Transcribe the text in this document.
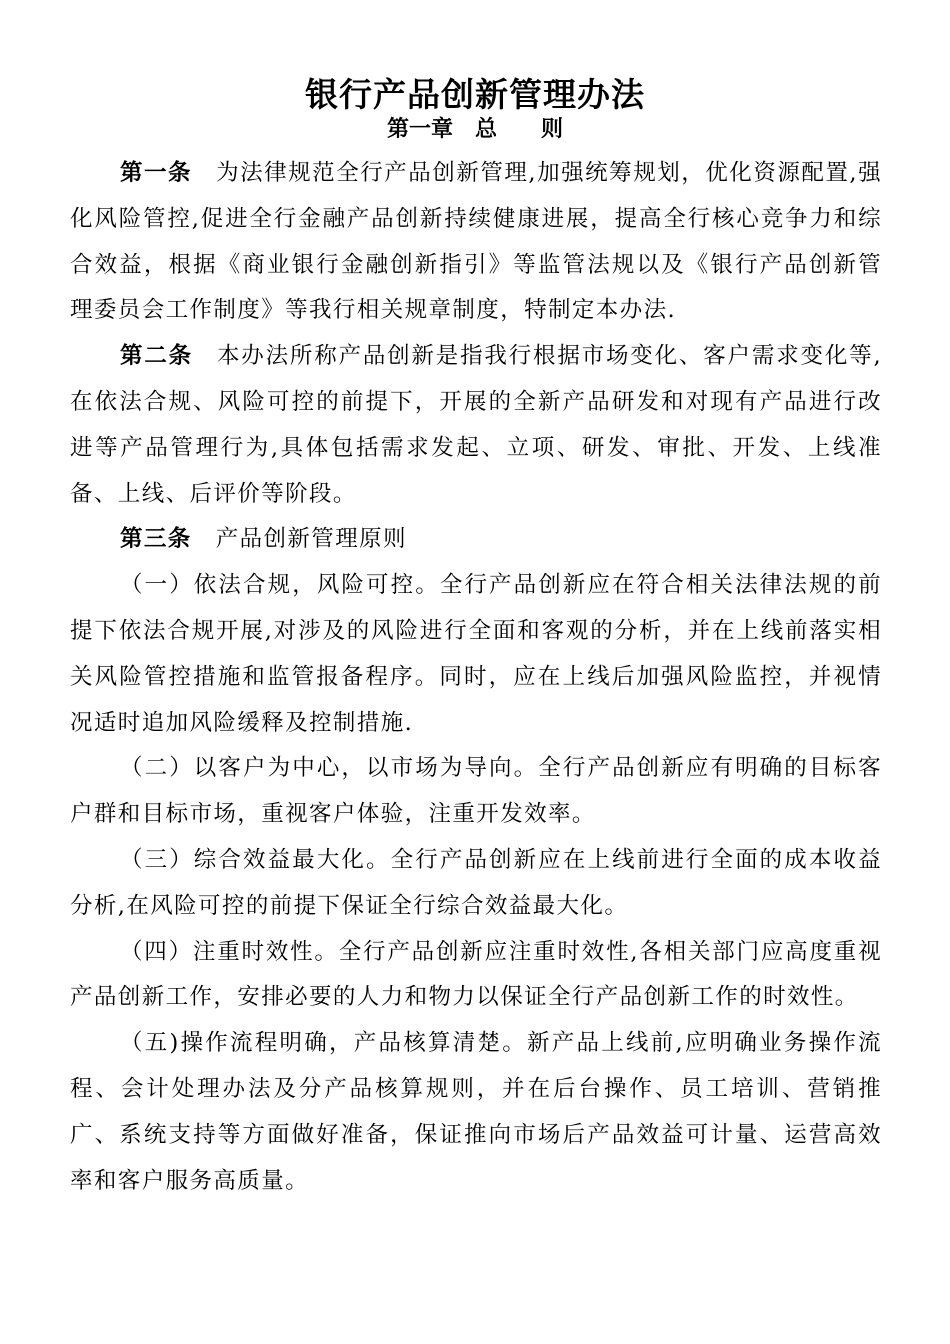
银行产品创新管理办法
第一章　总　　则

第一条 为法律规范全行产品创新管理,加强统筹规划，优化资源配置,强化风险管控,促进全行金融产品创新持续健康进展，提高全行核心竞争力和综合效益，根据《商业银行金融创新指引》等监管法规以及《银行产品创新管理委员会工作制度》等我行相关规章制度，特制定本办法.

第二条 本办法所称产品创新是指我行根据市场变化、客户需求变化等,在依法合规、风险可控的前提下，开展的全新产品研发和对现有产品进行改进等产品管理行为,具体包括需求发起、立项、研发、审批、开发、上线准备、上线、后评价等阶段。

第三条 产品创新管理原则

（一）依法合规，风险可控。全行产品创新应在符合相关法律法规的前提下依法合规开展,对涉及的风险进行全面和客观的分析，并在上线前落实相关风险管控措施和监管报备程序。同时，应在上线后加强风险监控，并视情况适时追加风险缓释及控制措施.

（二）以客户为中心，以市场为导向。全行产品创新应有明确的目标客户群和目标市场，重视客户体验，注重开发效率。

（三）综合效益最大化。全行产品创新应在上线前进行全面的成本收益分析,在风险可控的前提下保证全行综合效益最大化。

（四）注重时效性。全行产品创新应注重时效性,各相关部门应高度重视产品创新工作，安排必要的人力和物力以保证全行产品创新工作的时效性。

（五)操作流程明确，产品核算清楚。新产品上线前,应明确业务操作流程、会计处理办法及分产品核算规则，并在后台操作、员工培训、营销推广、系统支持等方面做好准备，保证推向市场后产品效益可计量、运营高效率和客户服务高质量。
